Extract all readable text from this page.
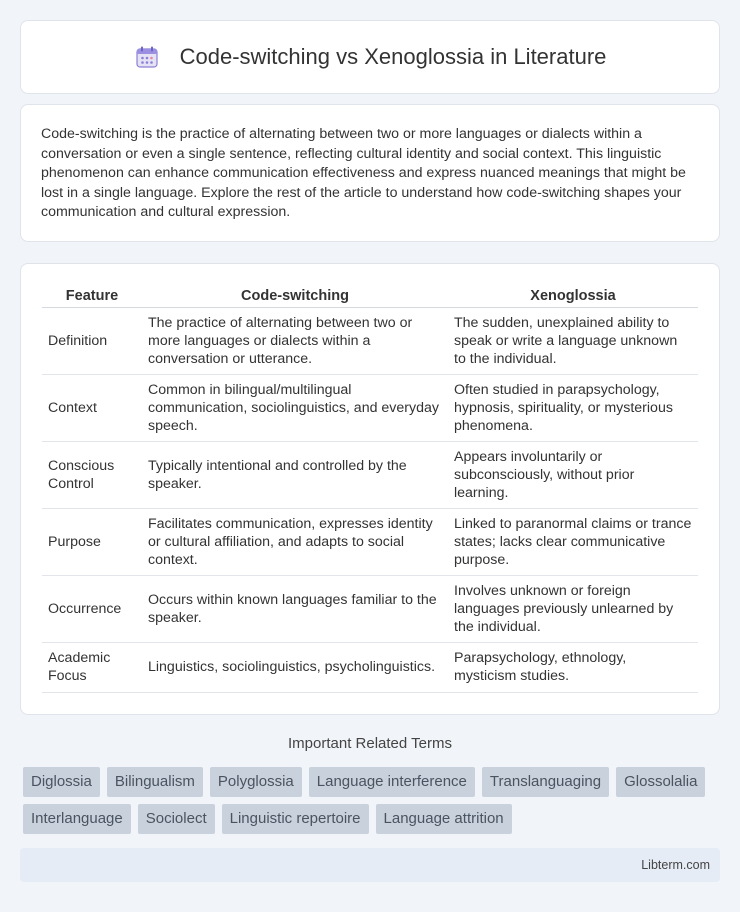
Code-switching vs Xenoglossia in Literature

Code-switching is the practice of alternating between two or more languages or dialects within a conversation or even a single sentence, reflecting cultural identity and social context. This linguistic phenomenon can enhance communication effectiveness and express nuanced meanings that might be lost in a single language. Explore the rest of the article to understand how code-switching shapes your communication and cultural expression.

Feature	Code-switching	Xenoglossia
Definition	The practice of alternating between two or more languages or dialects within a conversation or utterance.	The sudden, unexplained ability to speak or write a language unknown to the individual.
Context	Common in bilingual/multilingual communication, sociolinguistics, and everyday speech.	Often studied in parapsychology, hypnosis, spirituality, or mysterious phenomena.
Conscious Control	Typically intentional and controlled by the speaker.	Appears involuntarily or subconsciously, without prior learning.
Purpose	Facilitates communication, expresses identity or cultural affiliation, and adapts to social context.	Linked to paranormal claims or trance states; lacks clear communicative purpose.
Occurrence	Occurs within known languages familiar to the speaker.	Involves unknown or foreign languages previously unlearned by the individual.
Academic Focus	Linguistics, sociolinguistics, psycholinguistics.	Parapsychology, ethnology, mysticism studies.
Important Related Terms
Diglossia	Bilingualism	Polyglossia	Language interference	Translanguaging	Glossolalia
Interlanguage	Sociolect	Linguistic repertoire	Language attrition
Libterm.com
